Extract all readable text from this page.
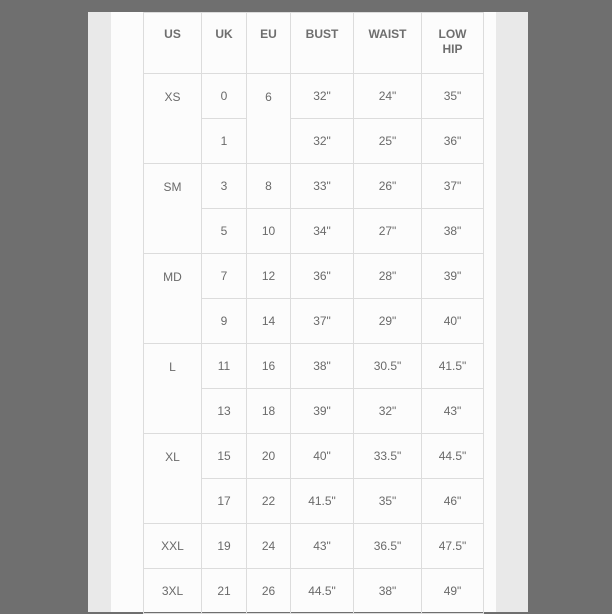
US	UK	EU	BUST	WAIST	LOW HIP
XS	0	6	32"	24"	35"
	1		32"	25"	36"
SM	3	8	33"	26"	37"
	5	10	34"	27"	38"
MD	7	12	36"	28"	39"
	9	14	37"	29"	40"
L	11	16	38"	30.5"	41.5"
	13	18	39"	32"	43"
XL	15	20	40"	33.5"	44.5"
	17	22	41.5"	35"	46"
XXL	19	24	43"	36.5"	47.5"
3XL	21	26	44.5"	38"	49"
